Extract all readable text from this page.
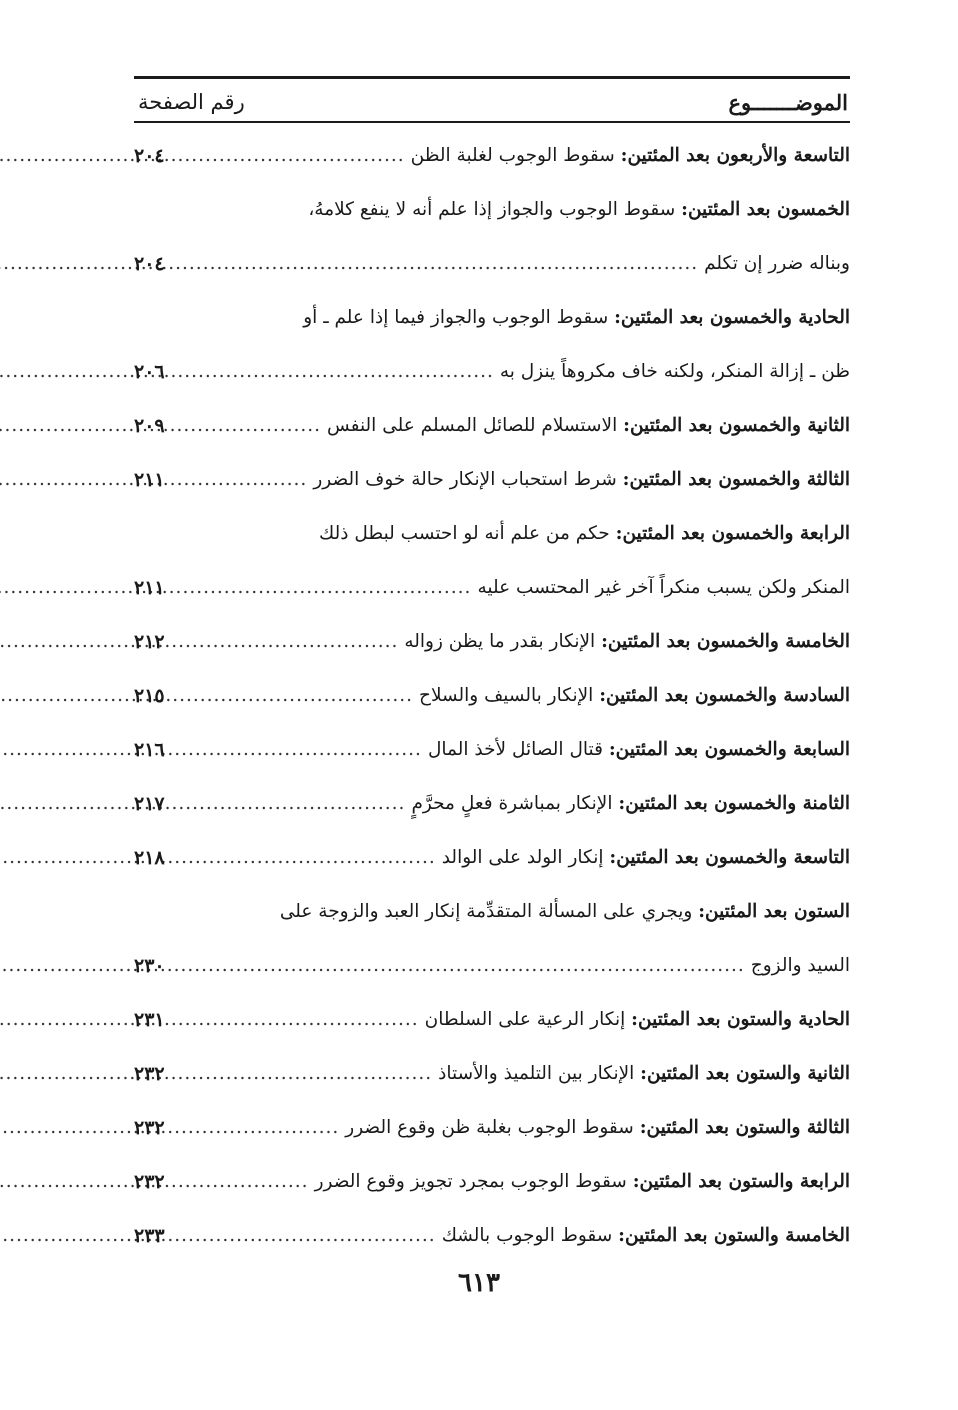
الموضـــــــوع
رقم الصفحة
التاسعة والأربعون بعد المئتين: سقوط الوجوب لغلبة الظن
.....
٢٠٤
الخمسون بعد المئتين: سقوط الوجوب والجواز إذا علم أنه لا ينفع كلامهُ،
وبناله ضرر إن تكلم
.....
٢٠٤
الحادية والخمسون بعد المئتين: سقوط الوجوب والجواز فيما إذا علم ـ أو
ظن ـ إزالة المنكر، ولكنه خاف مكروهاً ينزل به
.....
٢٠٦
الثانية والخمسون بعد المئتين: الاستسلام للصائل المسلم على النفس
.....
٢٠٩
الثالثة والخمسون بعد المئتين: شرط استحباب الإنكار حالة خوف الضرر
.....
٢١١
الرابعة والخمسون بعد المئتين: حكم من علم أنه لو احتسب لبطل ذلك
المنكر ولكن يسبب منكراً آخر غير المحتسب عليه
.....
٢١١
الخامسة والخمسون بعد المئتين: الإنكار بقدر ما يظن زواله
.....
٢١٢
السادسة والخمسون بعد المئتين: الإنكار بالسيف والسلاح
.....
٢١٥
السابعة والخمسون بعد المئتين: قتال الصائل لأخذ المال
.....
٢١٦
الثامنة والخمسون بعد المئتين: الإنكار بمباشرة فعلٍ محرَّمٍ
.....
٢١٧
التاسعة والخمسون بعد المئتين: إنكار الولد على الوالد
.....
٢١٨
الستون بعد المئتين: ويجري على المسألة المتقدِّمة إنكار العبد والزوجة على
السيد والزوج
.....
٢٣٠
الحادية والستون بعد المئتين: إنكار الرعية على السلطان
.....
٢٣١
الثانية والستون بعد المئتين: الإنكار بين التلميذ والأستاذ
.....
٢٣٢
الثالثة والستون بعد المئتين: سقوط الوجوب بغلبة ظن وقوع الضرر
.....
٢٣٢
الرابعة والستون بعد المئتين: سقوط الوجوب بمجرد تجويز وقوع الضرر
.....
٢٣٢
الخامسة والستون بعد المئتين: سقوط الوجوب بالشك
.....
٢٣٣
٦١٣
